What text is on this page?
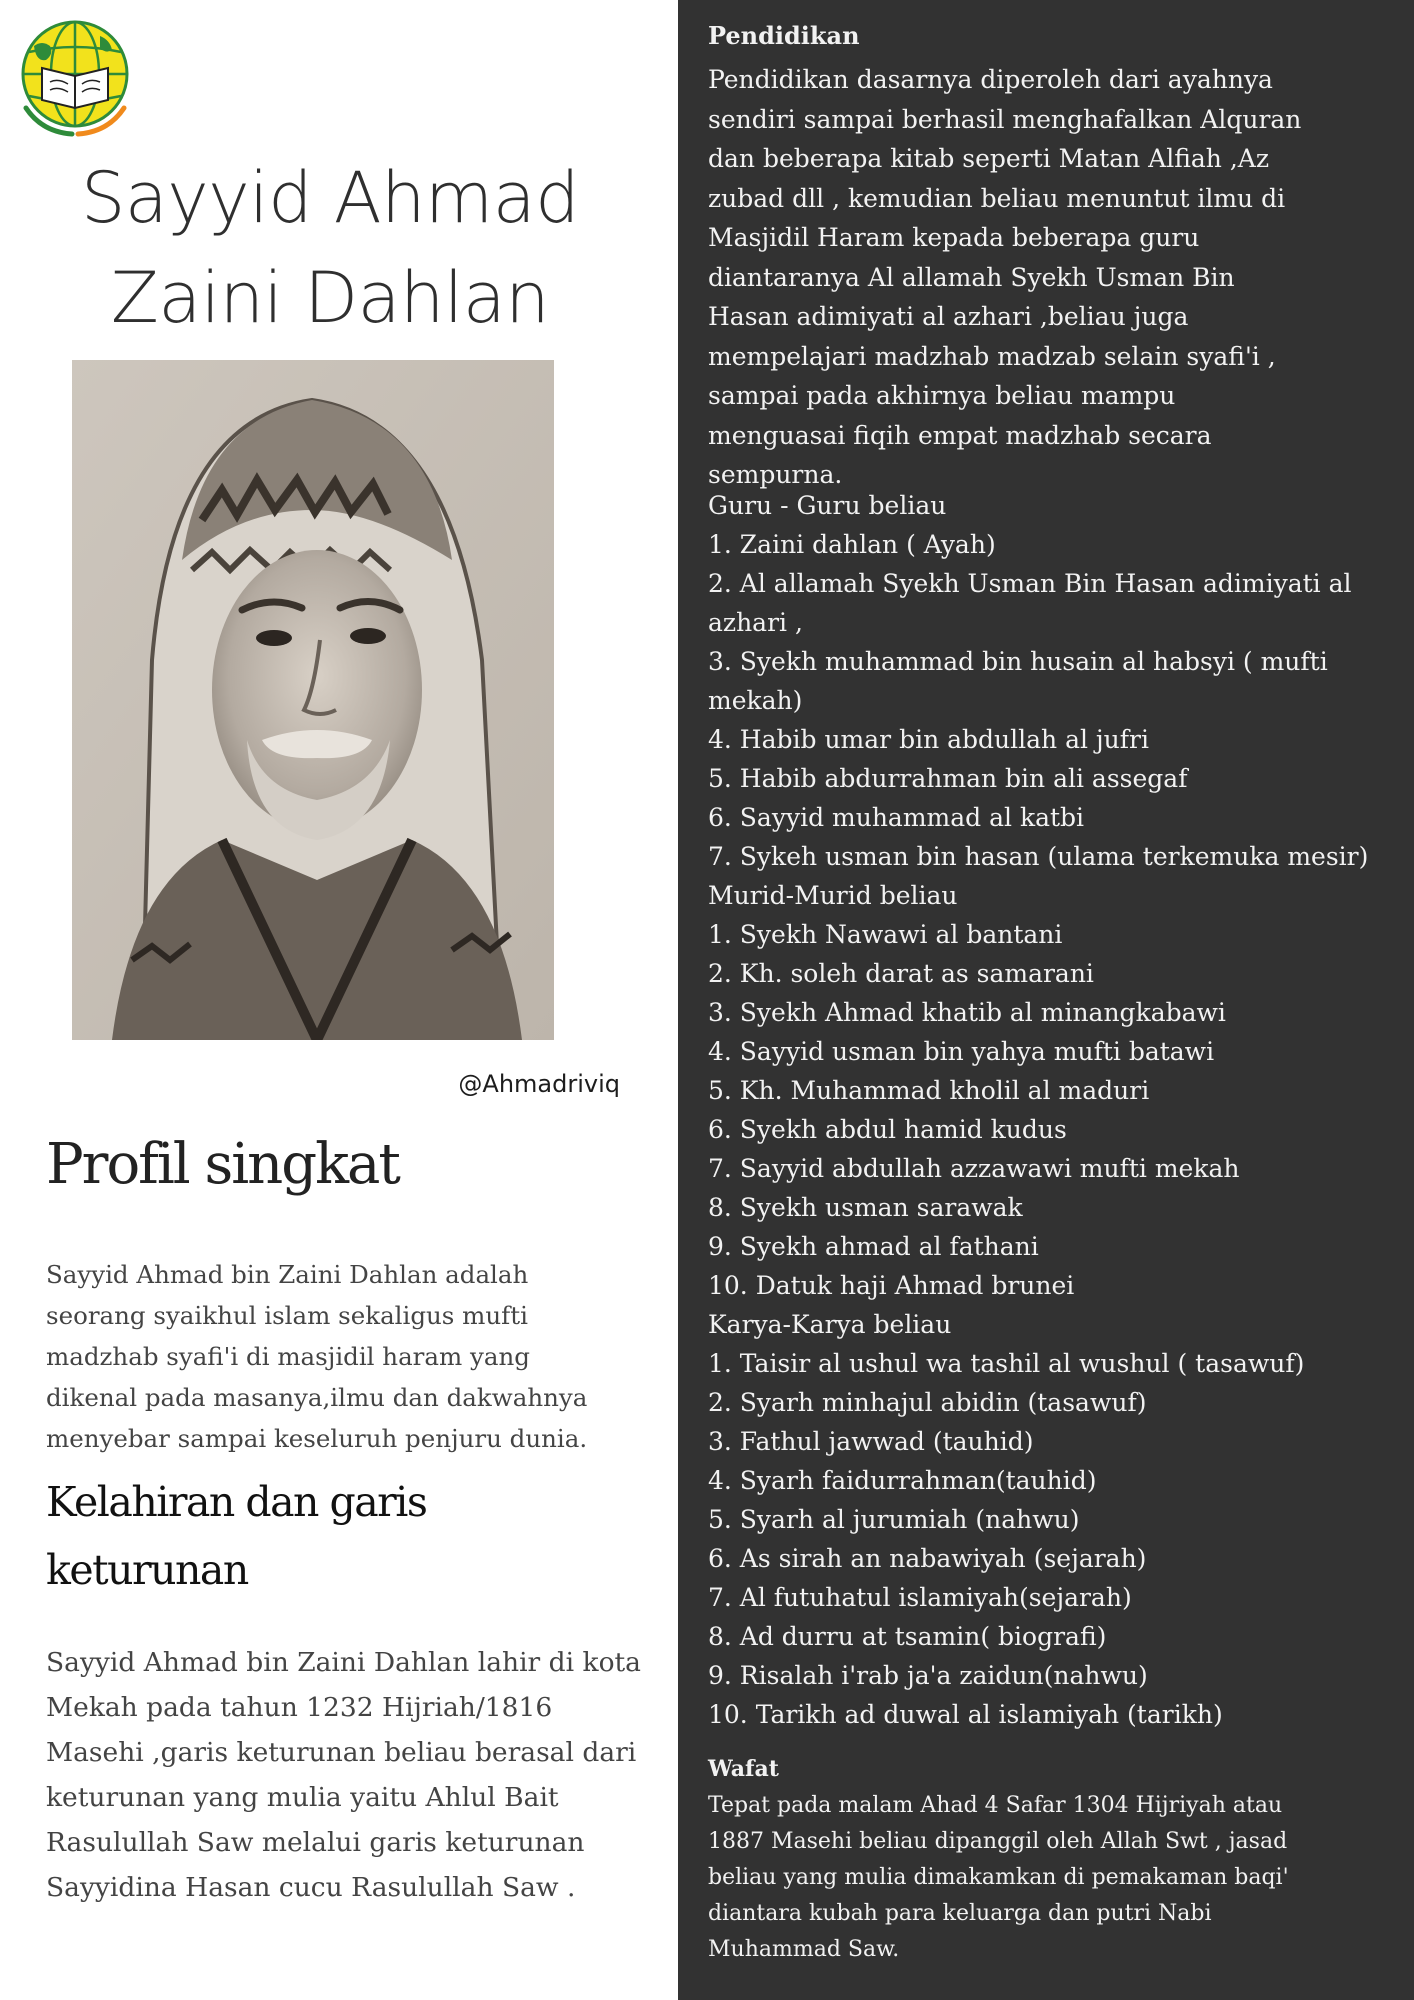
Sayyid Ahmad
Zaini Dahlan

@Ahmadriviq

Profil singkat

Sayyid Ahmad bin Zaini Dahlan adalah seorang syaikhul islam sekaligus mufti madzhab syafi'i di masjidil haram yang dikenal pada masanya,ilmu dan dakwahnya menyebar sampai keseluruh penjuru dunia.

Kelahiran dan garis keturunan

Sayyid Ahmad bin Zaini Dahlan lahir di kota Mekah pada tahun 1232 Hijriah/1816 Masehi ,garis keturunan beliau berasal dari keturunan yang mulia yaitu Ahlul Bait Rasulullah Saw melalui garis keturunan Sayyidina Hasan cucu Rasulullah Saw .

Pendidikan

Pendidikan dasarnya diperoleh dari ayahnya sendiri sampai berhasil menghafalkan Alquran dan beberapa kitab seperti Matan Alfiah ,Az zubad dll , kemudian beliau menuntut ilmu di Masjidil Haram kepada beberapa guru diantaranya Al allamah Syekh Usman Bin Hasan adimiyati al azhari ,beliau juga mempelajari madzhab madzab selain syafi'i , sampai pada akhirnya beliau mampu menguasai fiqih empat madzhab secara sempurna.

Guru - Guru beliau

1. Zaini dahlan ( Ayah)

2. Al allamah Syekh Usman Bin Hasan adimiyati al azhari ,

3. Syekh muhammad bin husain al habsyi ( mufti mekah)

4. Habib umar bin abdullah al jufri

5. Habib abdurrahman bin ali assegaf

6. Sayyid muhammad al katbi

7. Sykeh usman bin hasan (ulama terkemuka mesir)

Murid-Murid beliau

1. Syekh Nawawi al bantani

2. Kh. soleh darat as samarani

3. Syekh Ahmad khatib al minangkabawi

4. Sayyid usman bin yahya mufti batawi

5. Kh. Muhammad kholil al maduri

6. Syekh abdul hamid kudus

7. Sayyid abdullah azzawawi mufti mekah

8. Syekh usman sarawak

9. Syekh ahmad al fathani

10. Datuk haji Ahmad brunei

Karya-Karya beliau

1. Taisir al ushul wa tashil al wushul ( tasawuf)

2. Syarh minhajul abidin (tasawuf)

3. Fathul jawwad (tauhid)

4. Syarh faidurrahman(tauhid)

5. Syarh al jurumiah (nahwu)

6. As sirah an nabawiyah (sejarah)

7. Al futuhatul islamiyah(sejarah)

8. Ad durru at tsamin( biografi)

9. Risalah i'rab ja'a zaidun(nahwu)

10. Tarikh ad duwal al islamiyah (tarikh)

Wafat

Tepat pada malam Ahad 4 Safar 1304 Hijriyah atau 1887 Masehi beliau dipanggil oleh Allah Swt , jasad beliau yang mulia dimakamkan di pemakaman baqi' diantara kubah para keluarga dan putri Nabi Muhammad Saw.
